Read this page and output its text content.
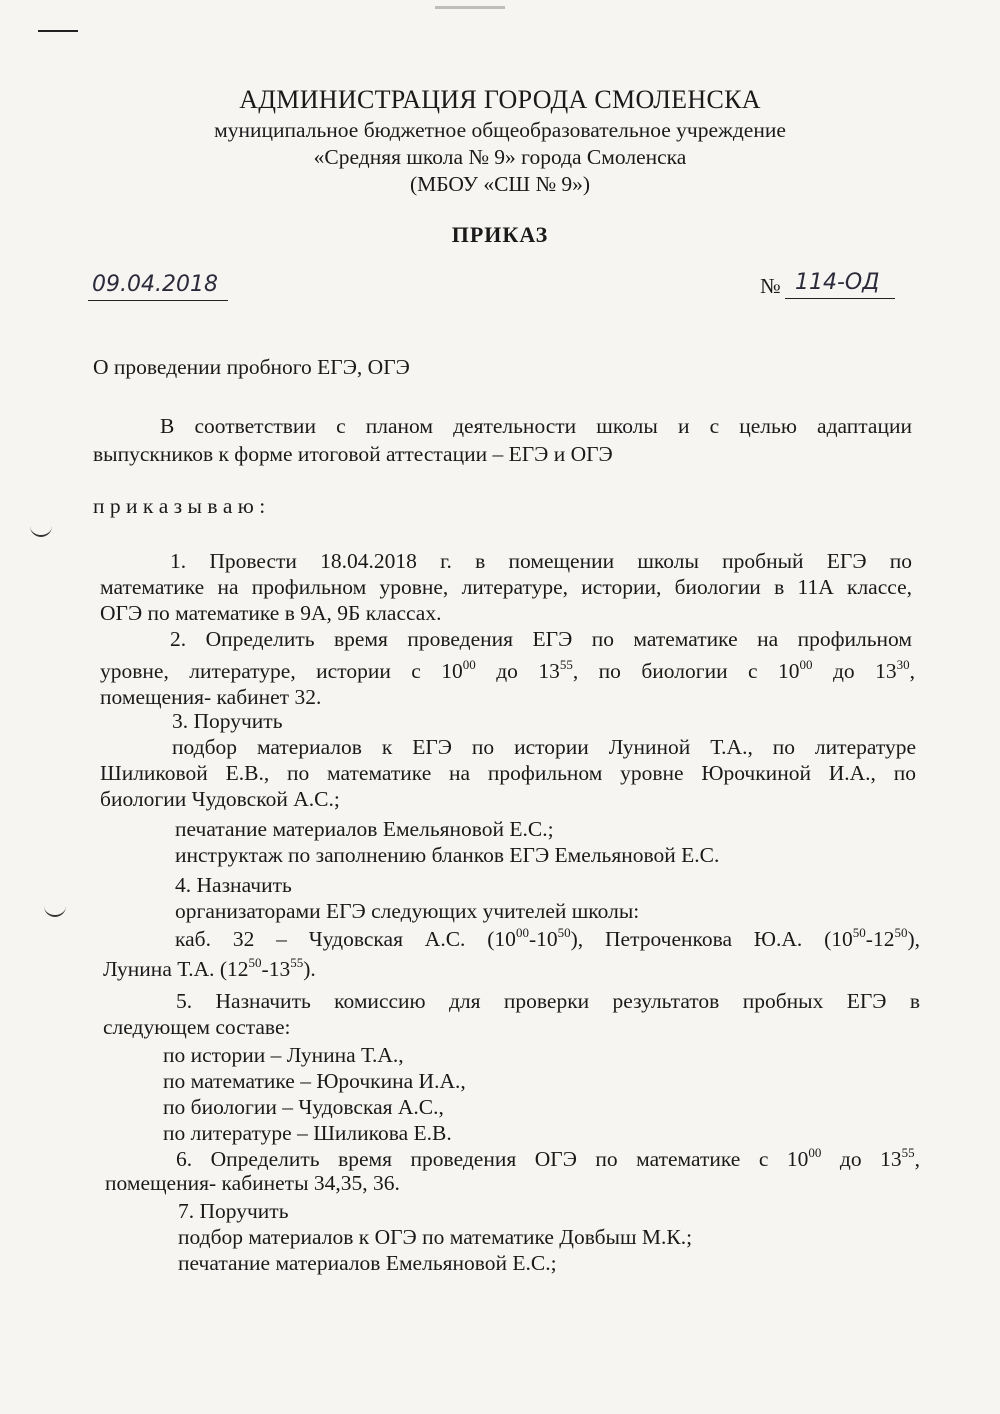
АДМИНИСТРАЦИЯ ГОРОДА СМОЛЕНСКА
муниципальное бюджетное общеобразовательное учреждение
«Средняя школа № 9» города Смоленска
(МБОУ «СШ № 9»)
ПРИКАЗ
09.04.2018	№ 114-ОД
О проведении пробного ЕГЭ, ОГЭ
В соответствии с планом деятельности школы и с целью адаптации
выпускников к форме итоговой аттестации – ЕГЭ и ОГЭ
п р и к а з ы в а ю :
1. Провести 18.04.2018 г. в помещении школы пробный ЕГЭ по
математике на профильном уровне, литературе, истории, биологии в 11А классе,
ОГЭ по математике в 9А, 9Б классах.
2. Определить время проведения ЕГЭ по математике на профильном
уровне, литературе, истории с $10^{00}$ до $13^{55}$, по биологии с $10^{00}$ до $13^{30}$,
помещения- кабинет 32.
3. Поручить
подбор материалов к ЕГЭ по истории Луниной Т.А., по литературе
Шиликовой Е.В., по математике на профильном уровне Юрочкиной И.А., по
биологии Чудовской А.С.;
печатание материалов Емельяновой Е.С.;
инструктаж по заполнению бланков ЕГЭ Емельяновой Е.С.
4. Назначить
организаторами ЕГЭ следующих учителей школы:
каб. 32 – Чудовская А.С. $(10^{00}-10^{50})$, Петроченкова Ю.А. $(10^{50}-12^{50})$,
Лунина Т.А. $(12^{50}-13^{55})$.
5. Назначить комиссию для проверки результатов пробных ЕГЭ в
следующем составе:
по истории – Лунина Т.А.,
по математике – Юрочкина И.А.,
по биологии – Чудовская А.С.,
по литературе – Шиликова Е.В.
6. Определить время проведения ОГЭ по математике с $10^{00}$ до $13^{55}$,
помещения- кабинеты 34,35, 36.
7. Поручить
подбор материалов к ОГЭ по математике Довбыш М.К.;
печатание материалов Емельяновой Е.С.;
